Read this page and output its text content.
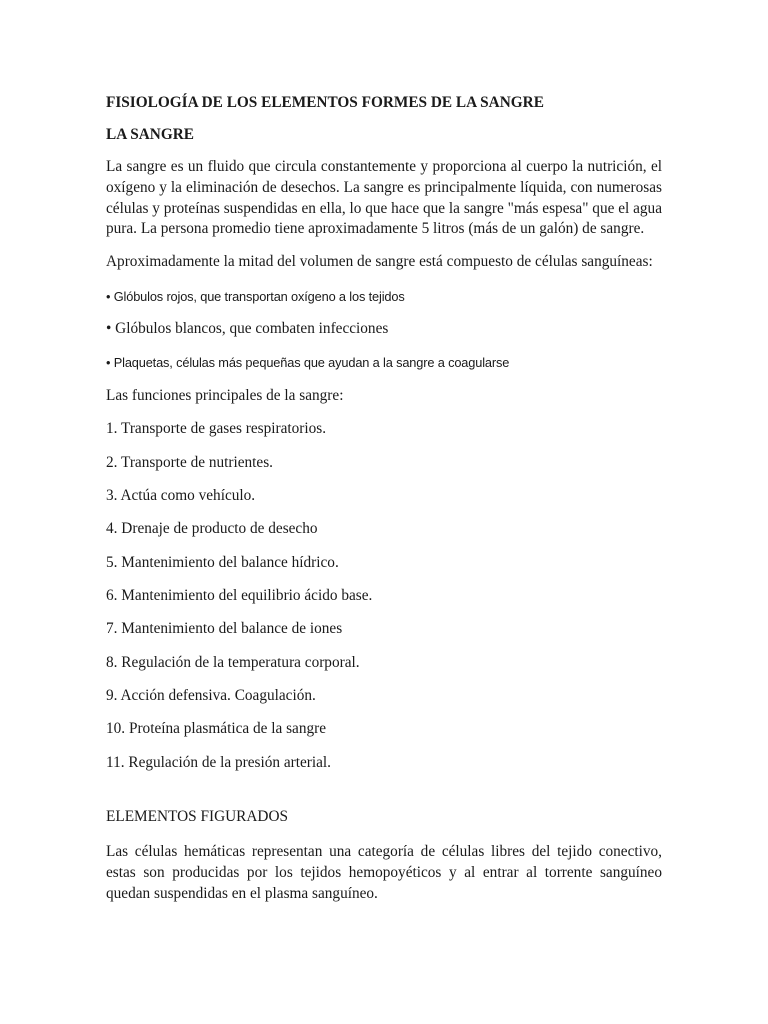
FISIOLOGÍA DE LOS ELEMENTOS FORMES DE LA SANGRE
LA SANGRE
La sangre es un fluido que circula constantemente y proporciona al cuerpo la nutrición, el oxígeno y la eliminación de desechos. La sangre es principalmente líquida, con numerosas células y proteínas suspendidas en ella, lo que hace que la sangre "más espesa" que el agua pura. La persona promedio tiene aproximadamente 5 litros (más de un galón) de sangre.
Aproximadamente la mitad del volumen de sangre está compuesto de células sanguíneas:
• Glóbulos rojos, que transportan oxígeno a los tejidos
• Glóbulos blancos, que combaten infecciones
• Plaquetas, células más pequeñas que ayudan a la sangre a coagularse
Las funciones principales de la sangre:
1. Transporte de gases respiratorios.
2. Transporte de nutrientes.
3. Actúa como vehículo.
4. Drenaje de producto de desecho
5. Mantenimiento del balance hídrico.
6. Mantenimiento del equilibrio ácido base.
7. Mantenimiento del balance de iones
8. Regulación de la temperatura corporal.
9. Acción defensiva. Coagulación.
10. Proteína plasmática de la sangre
11. Regulación de la presión arterial.
ELEMENTOS FIGURADOS
Las células hemáticas representan una categoría de células libres del tejido conectivo, estas son producidas por los tejidos hemopoyéticos y al entrar al torrente sanguíneo quedan suspendidas en el plasma sanguíneo.
